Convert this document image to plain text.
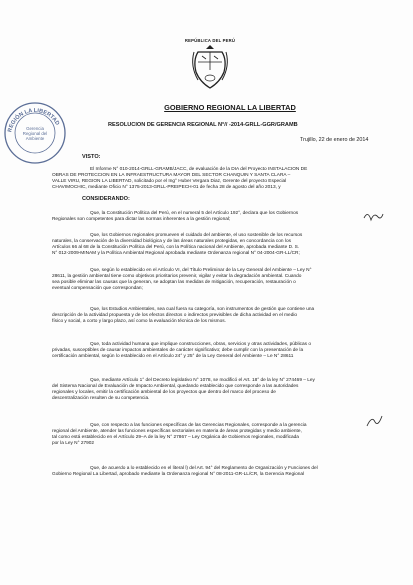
REPÚBLICA DEL PERÚ
REGIÓN LA LIBERTAD
Gerencia Regional del Ambiente
GOBIERNO REGIONAL LA LIBERTAD
RESOLUCION DE GERENCIA REGIONAL N°// -2014-GRLL-GGR/GRAMB
Trujillo, 22 de enero de 2014
VISTO:
El Informe N° 010-2014-GRLL-GRAMB/JACC, de evaluación de la DIA del Proyecto INSTALACION DE
OBRAS DE PROTECCION EN LA INFRAESTRUCTURA MAYOR DEL SECTOR CHANQUIN Y SANTA CLARA –
VALLE VIRU, REGION LA LIBERTAD, solicitado por el Ing° Huber Vergara Diaz, Gerente del proyecto Especial
CHAVIMOCHIC, mediante Oficio N° 1375-2013-GRLL-PREIPECH-01 de fecha 28 de agosto del año 2013, y
CONSIDERANDO:
Que, la Constitución Política del Perú, en el numeral 5 del Artículo 192°, declara que los Gobiernos
Regionales son competentes para dictar las normas inherentes a la gestión regional;
Que, los Gobiernos regionales promueven el cuidado del ambiente, el uso sostenible de los recursos
naturales, la conservación de la diversidad biológica y de las áreas naturales protegidas, en concordancia con los
Artículos 66 al 68 de la Constitución Política del Perú, con la Política nacional del Ambiente, aprobada mediante D. S.
N° 012-2009-MINAM y la Política Ambiental Regional aprobada mediante Ordenanza regional N° 04-2004-GR-LL/CR;
Que, según lo establecido en el Artículo VI, del Título Preliminar de la Ley General del Ambiente – Ley N°
28611, la gestión ambiental tiene como objetivos prioritarios prevenir, vigilar y evitar la degradación ambiental. Cuando
sea posible eliminar las causas que la generan, se adoptan las medidas de mitigación, recuperación, restauración o
eventual compensación que correspondan;
Que, los Estudios Ambientales, sea cual fuera su categoría, son instrumentos de gestión que contiene una
descripción de la actividad propuesta y de los efectos directos o indirectos previsibles de dicha actividad en el medio
físico y social, a corto y largo plazo, así como la evaluación técnica de los mismos.
Que, toda actividad humana que implique construcciones, obras, servicios y otras actividades, públicas o
privadas, susceptibles de causar impactos ambientales de carácter significativo; debe cumplir con la presentación de la
certificación ambiental, según lo establecido en el Artículo 24° y 25° de la Ley General del Ambiente – Le N° 28611
Que, mediante Artículo 1° del Decreto legislativo N° 1078, se modificó el Art. 18° de la ley N° 274469 – Ley
del Sistema Nacional de Evaluación de Impacto Ambiental, quedando establecido que corresponde a las autoridades
regionales y locales, emitir la certificación ambiental de los proyectos que dentro del marco del proceso de
descentralización resulten de su competencia.
Que, con respecto a las funciones específicas de las Gerencias Regionales, corresponde a la gerencia
regional del Ambiente, atender las funciones específicas sectoriales en materia de áreas protegidas y medio ambiente,
tal como está establecido en el Artículo 29–A de la ley N° 27867 – Ley Orgánica de Gobiernos regionales, modificada
por la Ley N° 27902
Que, de acuerdo a lo establecido en el literal l) del Art. 94° del Reglamento de Organización y Funciones del
Gobierno Regional La Libertad, aprobado mediante la Ordenanza regional N° 08-2011-GR-LL/CR, la Gerencia Regional
